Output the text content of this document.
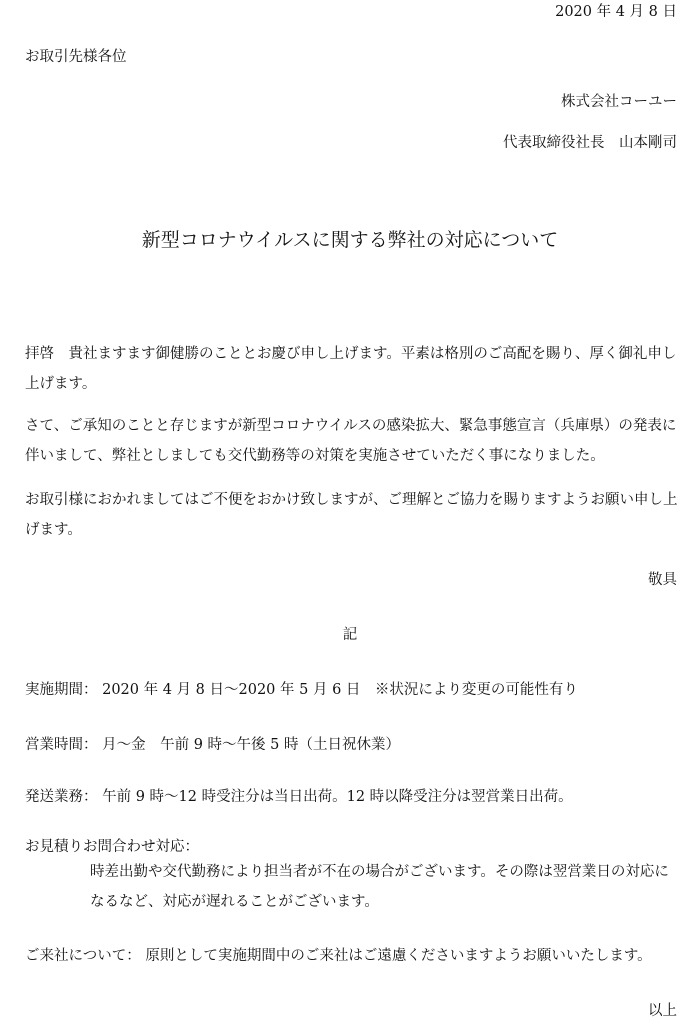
2020 年 4 月 8 日
お取引先様各位
株式会社コーユー
代表取締役社長　山本剛司
新型コロナウイルスに関する弊社の対応について
拝啓　貴社ますます御健勝のこととお慶び申し上げます。平素は格別のご高配を賜り、厚く御礼申し上げます。
さて、ご承知のことと存じますが新型コロナウイルスの感染拡大、緊急事態宣言（兵庫県）の発表に伴いまして、弊社としましても交代勤務等の対策を実施させていただく事になりました。
お取引様におかれましてはご不便をおかけ致しますが、ご理解とご協力を賜りますようお願い申し上げます。
敬具
記
実施期間： 2020 年 4 月 8 日～2020 年 5 月 6 日　※状況により変更の可能性有り
営業時間： 月～金　午前 9 時～午後 5 時（土日祝休業）
発送業務： 午前 9 時～12 時受注分は当日出荷。12 時以降受注分は翌営業日出荷。
お見積りお問合わせ対応：
時差出勤や交代勤務により担当者が不在の場合がございます。その際は翌営業日の対応になるなど、対応が遅れることがございます。
ご来社について： 原則として実施期間中のご来社はご遠慮くださいますようお願いいたします。
以上
